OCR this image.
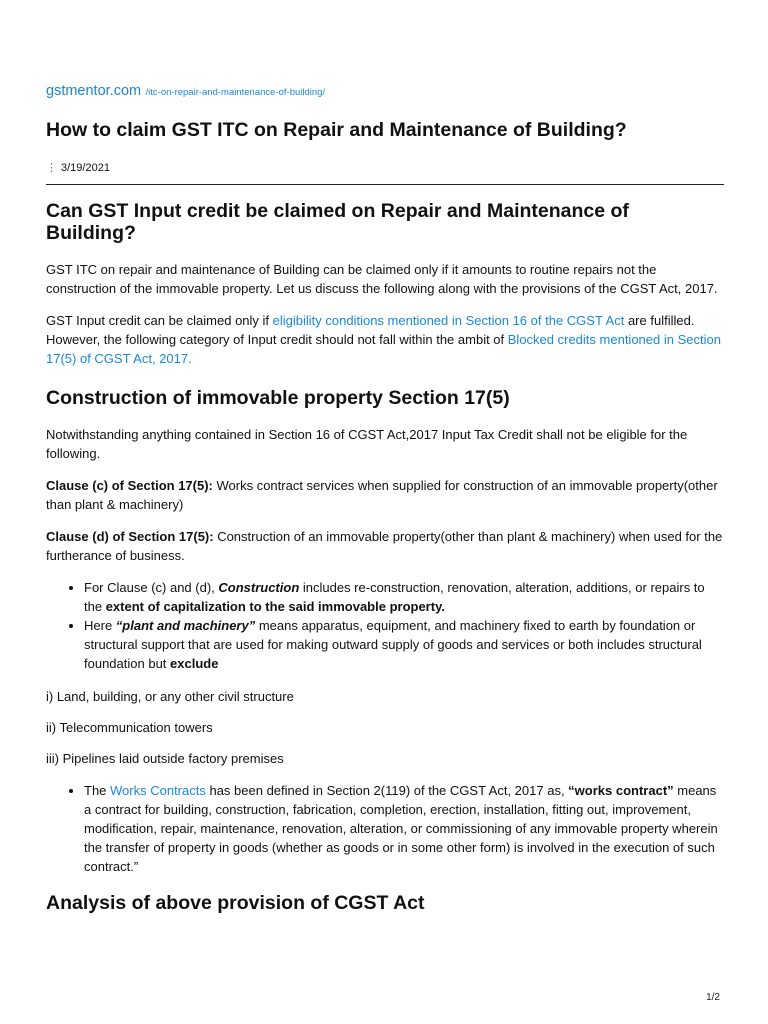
gstmentor.com /itc-on-repair-and-maintenance-of-building/
How to claim GST ITC on Repair and Maintenance of Building?
⋮ 3/19/2021
Can GST Input credit be claimed on Repair and Maintenance of Building?

GST ITC on repair and maintenance of Building can be claimed only if it amounts to routine repairs not the construction of the immovable property. Let us discuss the following along with the provisions of the CGST Act, 2017.

GST Input credit can be claimed only if eligibility conditions mentioned in Section 16 of the CGST Act are fulfilled. However, the following category of Input credit should not fall within the ambit of Blocked credits mentioned in Section 17(5) of CGST Act, 2017.

Construction of immovable property Section 17(5)

Notwithstanding anything contained in Section 16 of CGST Act,2017 Input Tax Credit shall not be eligible for the following.

Clause (c) of Section 17(5): Works contract services when supplied for construction of an immovable property(other than plant & machinery)

Clause (d) of Section 17(5): Construction of an immovable property(other than plant & machinery) when used for the furtherance of business.

• For Clause (c) and (d), Construction includes re-construction, renovation, alteration, additions, or repairs to the extent of capitalization to the said immovable property.
• Here “plant and machinery” means apparatus, equipment, and machinery fixed to earth by foundation or structural support that are used for making outward supply of goods and services or both includes structural foundation but exclude

i) Land, building, or any other civil structure

ii) Telecommunication towers

iii) Pipelines laid outside factory premises

• The Works Contracts has been defined in Section 2(119) of the CGST Act, 2017 as, “works contract” means a contract for building, construction, fabrication, completion, erection, installation, fitting out, improvement, modification, repair, maintenance, renovation, alteration, or commissioning of any immovable property wherein the transfer of property in goods (whether as goods or in some other form) is involved in the execution of such contract.”
Analysis of above provision of CGST Act
1/2
